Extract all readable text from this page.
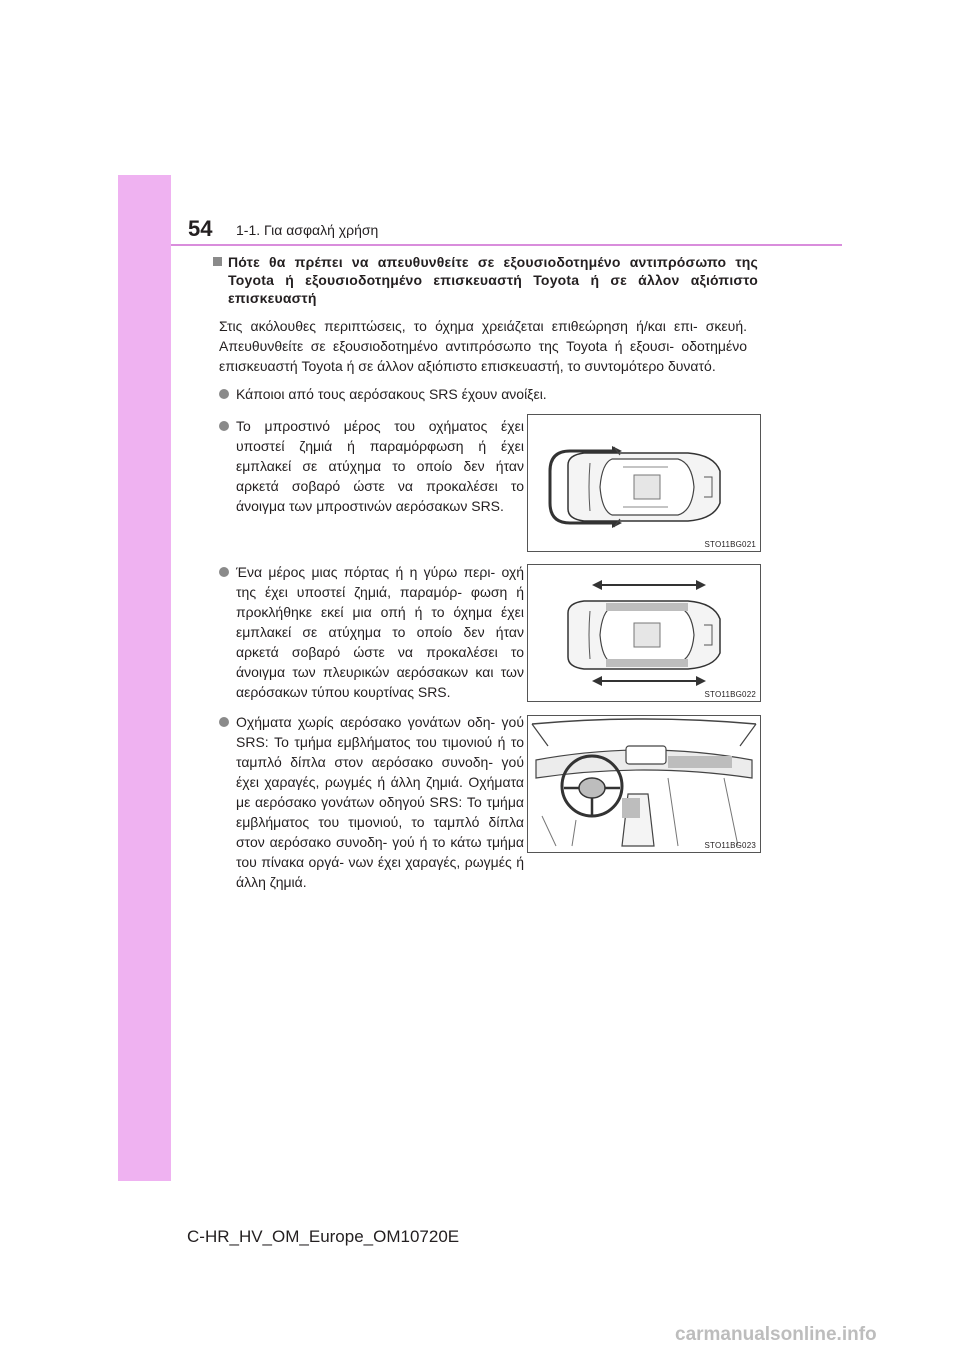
54 1-1. Για ασφαλή χρήση
Πότε θα πρέπει να απευθυνθείτε σε εξουσιοδοτημένο αντιπρόσωπο της Toyota ή εξουσιοδοτημένο επισκευαστή Toyota ή σε άλλον αξιόπιστο επισκευαστή
Στις ακόλουθες περιπτώσεις, το όχημα χρειάζεται επιθεώρηση ή/και επι- σκευή. Απευθυνθείτε σε εξουσιοδοτημένο αντιπρόσωπο της Toyota ή εξουσι- οδοτημένο επισκευαστή Toyota ή σε άλλον αξιόπιστο επισκευαστή, το συντομότερο δυνατό.
Κάποιοι από τους αερόσακους SRS έχουν ανοίξει.
Το μπροστινό μέρος του οχήματος έχει υποστεί ζημιά ή παραμόρφωση ή έχει εμπλακεί σε ατύχημα το οποίο δεν ήταν αρκετά σοβαρό ώστε να προκαλέσει το άνοιγμα των μπροστινών αερόσακων SRS.
STO11BG021
Ένα μέρος μιας πόρτας ή η γύρω περι- οχή της έχει υποστεί ζημιά, παραμόρ- φωση ή προκλήθηκε εκεί μια οπή ή το όχημα έχει εμπλακεί σε ατύχημα το οποίο δεν ήταν αρκετά σοβαρό ώστε να προκαλέσει το άνοιγμα των πλευρικών αερόσακων και των αερόσακων τύπου κουρτίνας SRS.	STO11BG022
Οχήματα χωρίς αερόσακο γονάτων οδη- γού SRS: Το τμήμα εμβλήματος του τιμονιού ή το ταμπλό δίπλα στον αερόσακο συνοδη- γού έχει χαραγές, ρωγμές ή άλλη ζημιά. Οχήματα με αερόσακο γονάτων οδηγού SRS: Το τμήμα εμβλήματος του τιμονιού, το ταμπλό δίπλα στον αερόσακο συνοδη- γού ή το κάτω τμήμα του πίνακα οργά- νων έχει χαραγές, ρωγμές ή άλλη ζημιά.
STO11BG023
C-HR_HV_OM_Europe_OM10720E
carmanualsonline.info
